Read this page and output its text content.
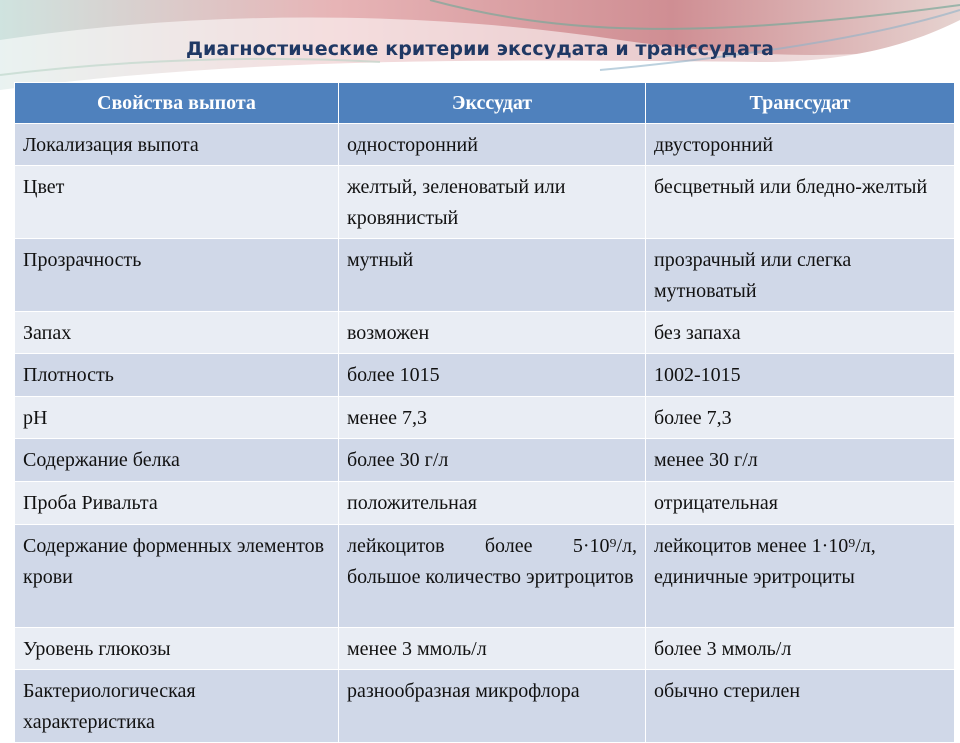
Диагностические критерии экссудата и транссудата
Свойства выпота	Экссудат	Транссудат
Локализация выпота	односторонний	двусторонний
Цвет	желтый, зеленоватый или кровянистый	бесцветный или бледно-желтый
Прозрачность	мутный	прозрачный или слегка мутноватый
Запах	возможен	без запаха
Плотность	более 1015	1002-1015
pH	менее 7,3	более 7,3
Содержание белка	более 30 г/л	менее 30 г/л
Проба Ривальта	положительная	отрицательная
Содержание форменных элементов крови	лейкоцитов более 5·10⁹/л, большое количество эритроцитов	лейкоцитов менее 1·10⁹/л, единичные эритроциты
Уровень глюкозы	менее 3 ммоль/л	более 3 ммоль/л
Бактериологическая характеристика	разнообразная микрофлора	обычно стерилен
